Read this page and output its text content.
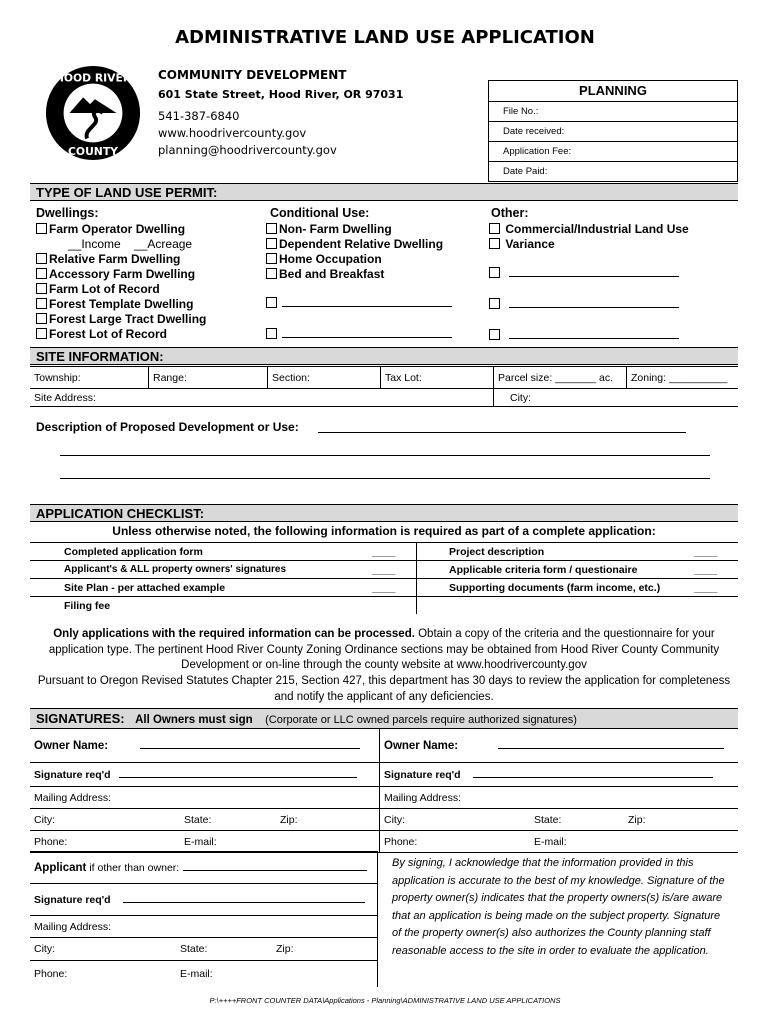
ADMINISTRATIVE LAND USE APPLICATION
HOOD RIVER
COUNTY
COMMUNITY DEVELOPMENT
601 State Street, Hood River, OR 97031
541-387-6840
www.hoodrivercounty.gov
planning@hoodrivercounty.gov
PLANNING
File No.:
Date received:
Application Fee:
Date Paid:
TYPE OF LAND USE PERMIT:
Dwellings:
Farm Operator Dwelling
__Income __Acreage
Relative Farm Dwelling
Accessory Farm Dwelling
Farm Lot of Record
Forest Template Dwelling
Forest Large Tract Dwelling
Forest Lot of Record
Conditional Use:
Non- Farm Dwelling
Dependent Relative Dwelling
Home Occupation
Bed and Breakfast

Other:
Commercial/Industrial Land Use
Variance

SITE INFORMATION:
Township:	Range:	Section:	Tax Lot:	Parcel size: _______ ac.	Zoning: __________
Site Address:				City:	
Description of Proposed Development or Use:
APPLICATION CHECKLIST:
Unless otherwise noted, the following information is required as part of a complete application:
Completed application form	____	Project description	____
Applicant's & ALL property owners' signatures	____	Applicable criteria form / questionaire	____
Site Plan - per attached example	____	Supporting documents (farm income, etc.)	____
Filing fee			
Only applications with the required information can be processed. Obtain a copy of the criteria and the questionnaire for your application type. The pertinent Hood River County Zoning Ordinance sections may be obtained from Hood River County Community Development or on-line through the county website at www.hoodrivercounty.gov
Pursuant to Oregon Revised Statutes Chapter 215, Section 427, this department has 30 days to review the application for completeness and notify the applicant of any deficiencies.
SIGNATURES: All Owners must sign (Corporate or LLC owned parcels require authorized signatures)
Owner Name:	Owner Name:
Signature req'd	Signature req'd
Mailing Address:	Mailing Address:
City: State: Zip:	City: State: Zip:
Phone: E-mail:	Phone: E-mail:
Applicant if other than owner:
Signature req'd
Mailing Address:
City:	State:	Zip:
Phone:	E-mail:
By signing, I acknowledge that the information provided in this application is accurate to the best of my knowledge. Signature of the property owner(s) indicates that the property owners(s) is/are aware that an application is being made on the subject property. Signature of the property owner(s) also authorizes the County planning staff reasonable access to the site in order to evaluate the application.
P:\++++FRONT COUNTER DATA\Applications - Planning\ADMINISTRATIVE LAND USE APPLICATIONS
